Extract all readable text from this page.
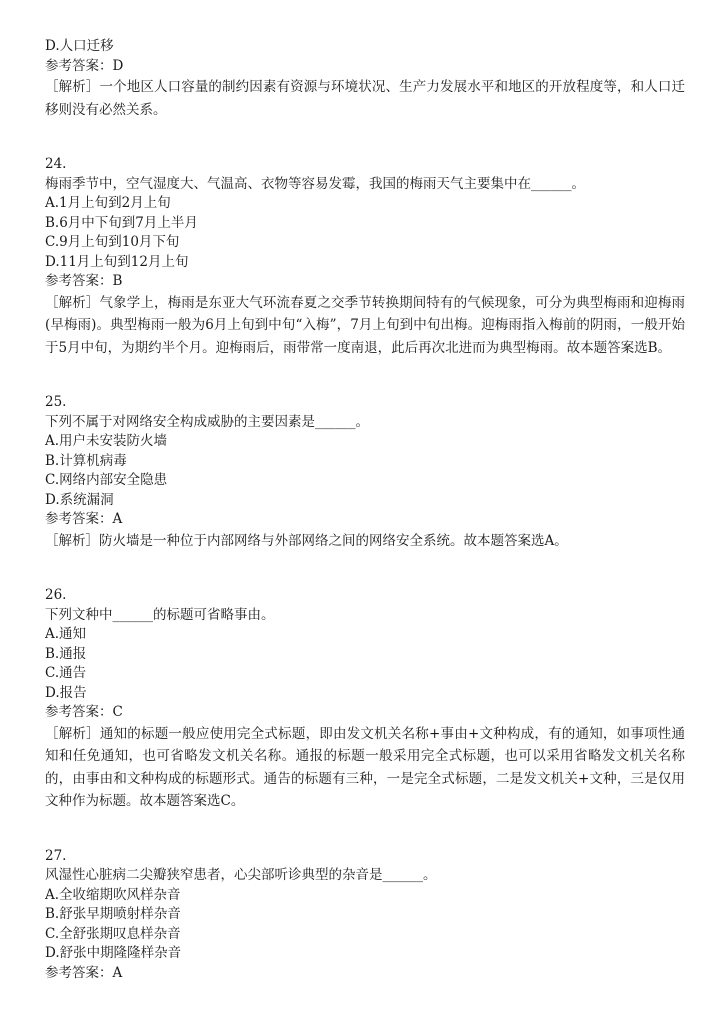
D.人口迁移
参考答案：D
［解析］一个地区人口容量的制约因素有资源与环境状况、生产力发展水平和地区的开放程度等，和人口迁移则没有必然关系。
24.
梅雨季节中，空气湿度大、气温高、衣物等容易发霉，我国的梅雨天气主要集中在______。
A.1月上旬到2月上旬
B.6月中下旬到7月上半月
C.9月上旬到10月下旬
D.11月上旬到12月上旬
参考答案：B
［解析］气象学上，梅雨是东亚大气环流春夏之交季节转换期间特有的气候现象，可分为典型梅雨和迎梅雨(早梅雨)。典型梅雨一般为6月上旬到中旬“入梅”，7月上旬到中旬出梅。迎梅雨指入梅前的阴雨，一般开始于5月中旬，为期约半个月。迎梅雨后，雨带常一度南退，此后再次北进而为典型梅雨。故本题答案选B。
25.
下列不属于对网络安全构成威胁的主要因素是______。
A.用户未安装防火墙
B.计算机病毒
C.网络内部安全隐患
D.系统漏洞
参考答案：A
［解析］防火墙是一种位于内部网络与外部网络之间的网络安全系统。故本题答案选A。
26.
下列文种中______的标题可省略事由。
A.通知
B.通报
C.通告
D.报告
参考答案：C
［解析］通知的标题一般应使用完全式标题，即由发文机关名称+事由+文种构成，有的通知，如事项性通知和任免通知，也可省略发文机关名称。通报的标题一般采用完全式标题，也可以采用省略发文机关名称的，由事由和文种构成的标题形式。通告的标题有三种，一是完全式标题，二是发文机关+文种，三是仅用文种作为标题。故本题答案选C。
27.
风湿性心脏病二尖瓣狭窄患者，心尖部听诊典型的杂音是______。
A.全收缩期吹风样杂音
B.舒张早期喷射样杂音
C.全舒张期叹息样杂音
D.舒张中期隆隆样杂音
参考答案：A
